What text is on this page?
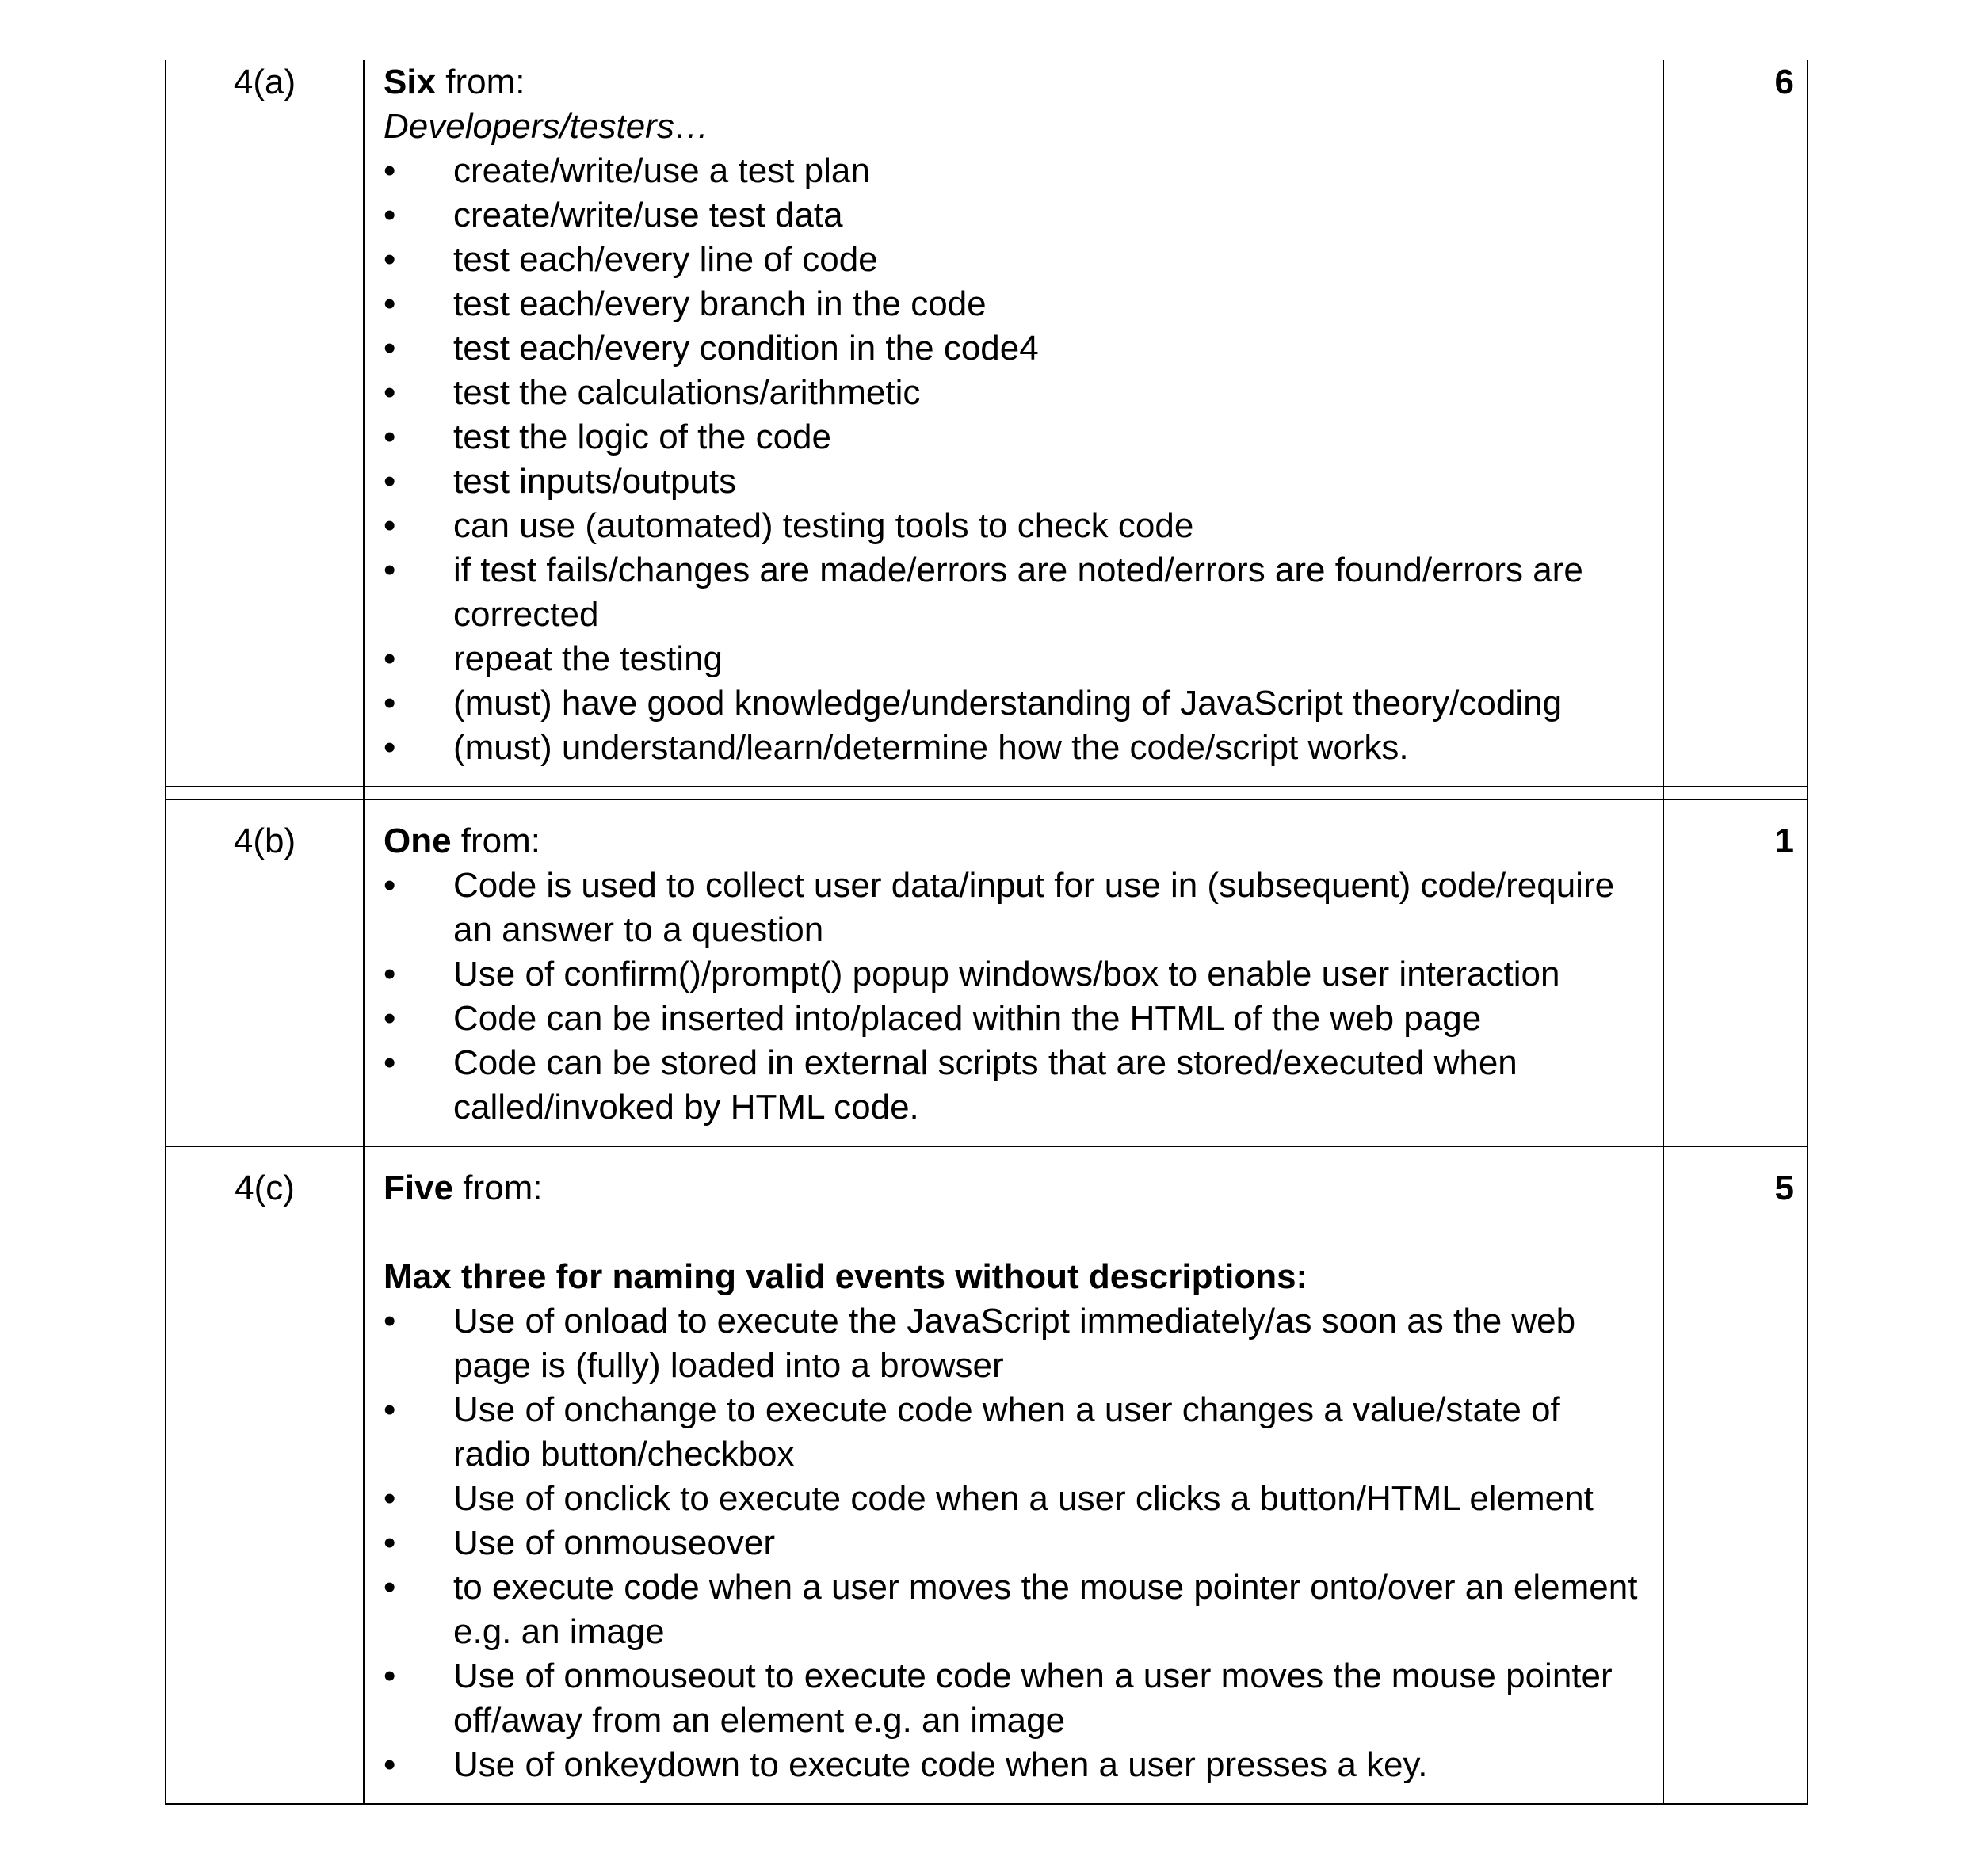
4(a)	Six from:
Developers/testers…
• create/write/use a test plan
• create/write/use test data
• test each/every line of code
• test each/every branch in the code
• test each/every condition in the code4
• test the calculations/arithmetic
• test the logic of the code
• test inputs/outputs
• can use (automated) testing tools to check code
• if test fails/changes are made/errors are noted/errors are found/errors are corrected
• repeat the testing
• (must) have good knowledge/understanding of JavaScript theory/coding
• (must) understand/learn/determine how the code/script works.
6
4(b)	One from:
• Code is used to collect user data/input for use in (subsequent) code/require an answer to a question
• Use of confirm()/prompt() popup windows/box to enable user interaction
• Code can be inserted into/placed within the HTML of the web page
• Code can be stored in external scripts that are stored/executed when called/invoked by HTML code.
1
4(c)	Five from:
Max three for naming valid events without descriptions:
• Use of onload to execute the JavaScript immediately/as soon as the web page is (fully) loaded into a browser
• Use of onchange to execute code when a user changes a value/state of radio button/checkbox
• Use of onclick to execute code when a user clicks a button/HTML element
• Use of onmouseover
• to execute code when a user moves the mouse pointer onto/over an element e.g. an image
• Use of onmouseout to execute code when a user moves the mouse pointer off/away from an element e.g. an image
• Use of onkeydown to execute code when a user presses a key.
5
